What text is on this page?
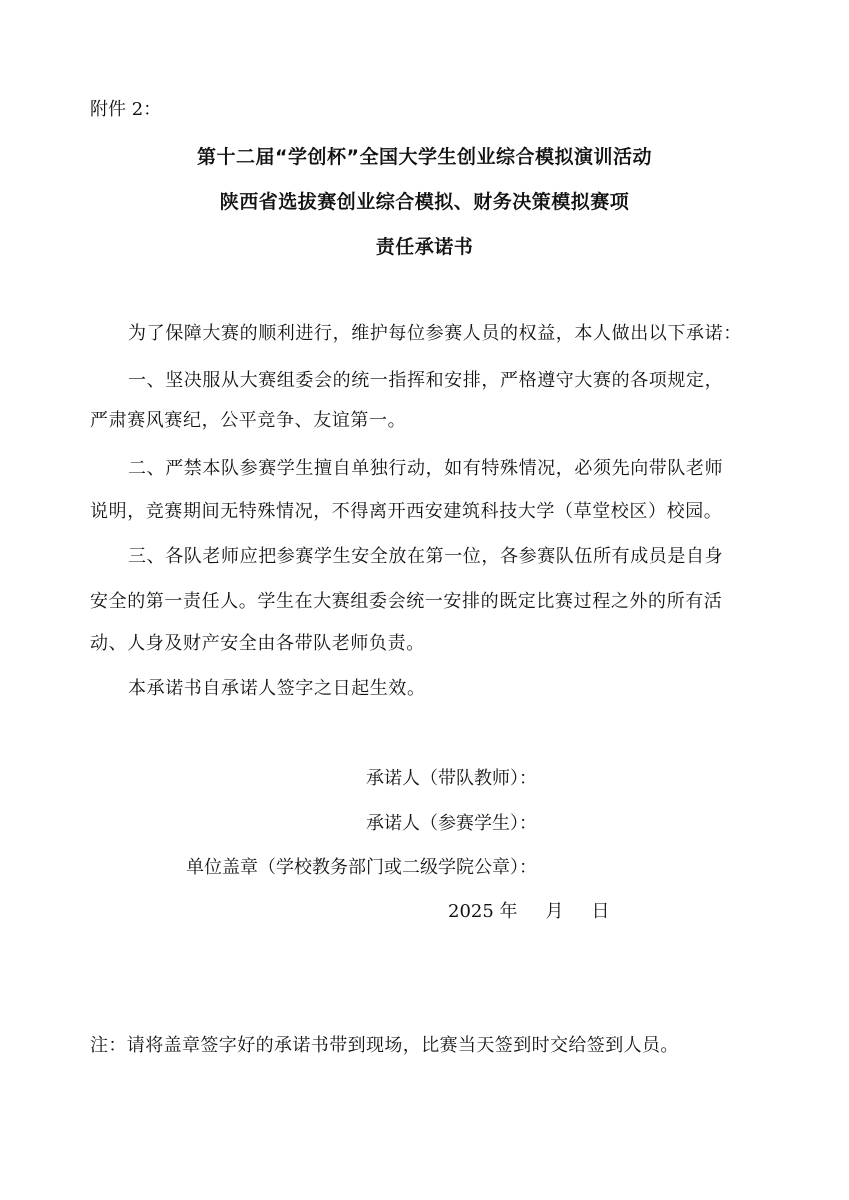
附件 2：
第十二届“学创杯”全国大学生创业综合模拟演训活动
陕西省选拔赛创业综合模拟、财务决策模拟赛项
责任承诺书
为了保障大赛的顺利进行，维护每位参赛人员的权益，本人做出以下承诺：
一、坚决服从大赛组委会的统一指挥和安排，严格遵守大赛的各项规定，
严肃赛风赛纪，公平竞争、友谊第一。
二、严禁本队参赛学生擅自单独行动，如有特殊情况，必须先向带队老师
说明，竞赛期间无特殊情况，不得离开西安建筑科技大学（草堂校区）校园。
三、各队老师应把参赛学生安全放在第一位，各参赛队伍所有成员是自身
安全的第一责任人。学生在大赛组委会统一安排的既定比赛过程之外的所有活
动、人身及财产安全由各带队老师负责。
本承诺书自承诺人签字之日起生效。
承诺人（带队教师）：
承诺人（参赛学生）：
单位盖章（学校教务部门或二级学院公章）：
2025 年 月 日
注：请将盖章签字好的承诺书带到现场，比赛当天签到时交给签到人员。
